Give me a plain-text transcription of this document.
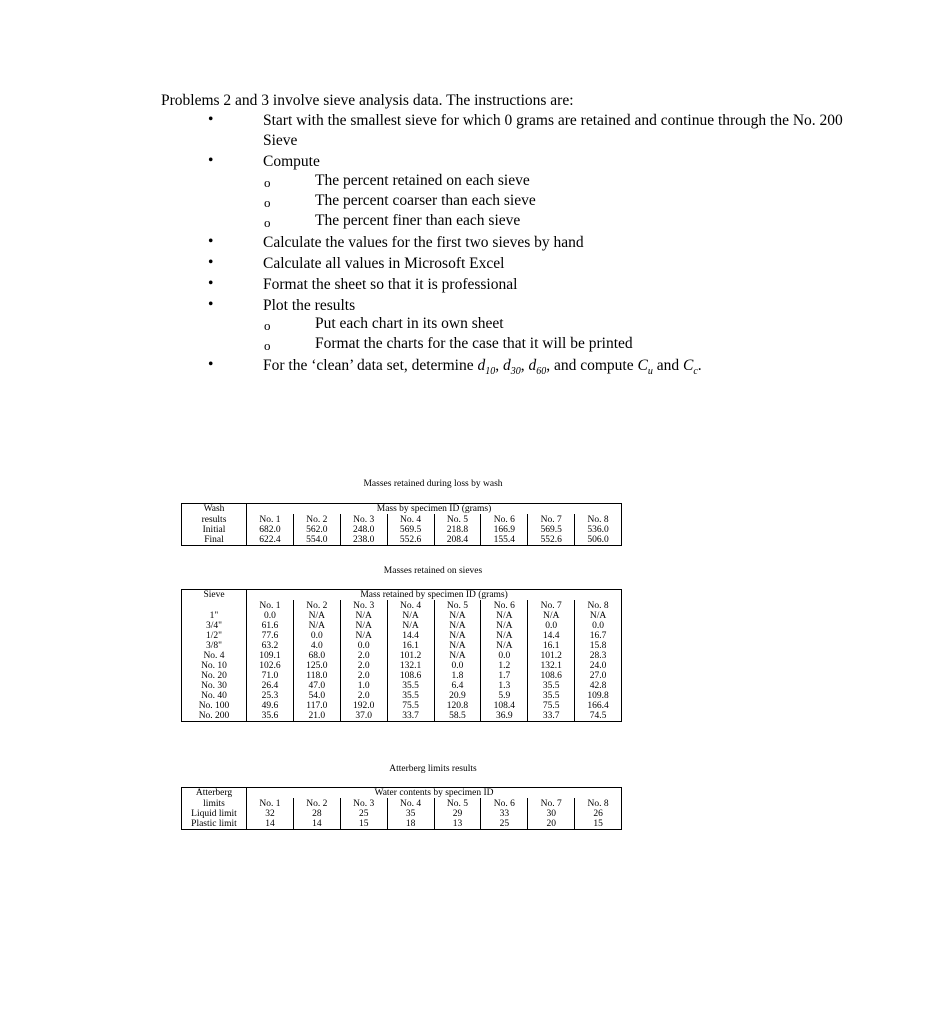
Problems 2 and 3 involve sieve analysis data. The instructions are:
•	Start with the smallest sieve for which 0 grams are retained and continue through the No. 200 Sieve
•	Compute
o	The percent retained on each sieve
o	The percent coarser than each sieve
o	The percent finer than each sieve
•	Calculate the values for the first two sieves by hand
•	Calculate all values in Microsoft Excel
•	Format the sheet so that it is professional
•	Plot the results
o	Put each chart in its own sheet
o	Format the charts for the case that it will be printed
•	For the ‘clean’ data set, determine $d_{10}$, $d_{30}$, $d_{60}$, and compute $C_u$ and $C_c$.
Masses retained during loss by wash
Wash	Mass by specimen ID (grams)							
results	No. 1	No. 2	No. 3	No. 4	No. 5	No. 6	No. 7	No. 8
Initial	682.0	562.0	248.0	569.5	218.8	166.9	569.5	536.0
Final	622.4	554.0	238.0	552.6	208.4	155.4	552.6	506.0
Masses retained on sieves
Sieve	Mass retained by specimen ID (grams)							
	No. 1	No. 2	No. 3	No. 4	No. 5	No. 6	No. 7	No. 8
1"	0.0	N/A	N/A	N/A	N/A	N/A	N/A	N/A
3/4"	61.6	N/A	N/A	N/A	N/A	N/A	0.0	0.0
1/2"	77.6	0.0	N/A	14.4	N/A	N/A	14.4	16.7
3/8"	63.2	4.0	0.0	16.1	N/A	N/A	16.1	15.8
No. 4	109.1	68.0	2.0	101.2	N/A	0.0	101.2	28.3
No. 10	102.6	125.0	2.0	132.1	0.0	1.2	132.1	24.0
No. 20	71.0	118.0	2.0	108.6	1.8	1.7	108.6	27.0
No. 30	26.4	47.0	1.0	35.5	6.4	1.3	35.5	42.8
No. 40	25.3	54.0	2.0	35.5	20.9	5.9	35.5	109.8
No. 100	49.6	117.0	192.0	75.5	120.8	108.4	75.5	166.4
No. 200	35.6	21.0	37.0	33.7	58.5	36.9	33.7	74.5
Atterberg limits results
Atterberg	Water contents by specimen ID							
limits	No. 1	No. 2	No. 3	No. 4	No. 5	No. 6	No. 7	No. 8
Liquid limit	32	28	25	35	29	33	30	26
Plastic limit	14	14	15	18	13	25	20	15
